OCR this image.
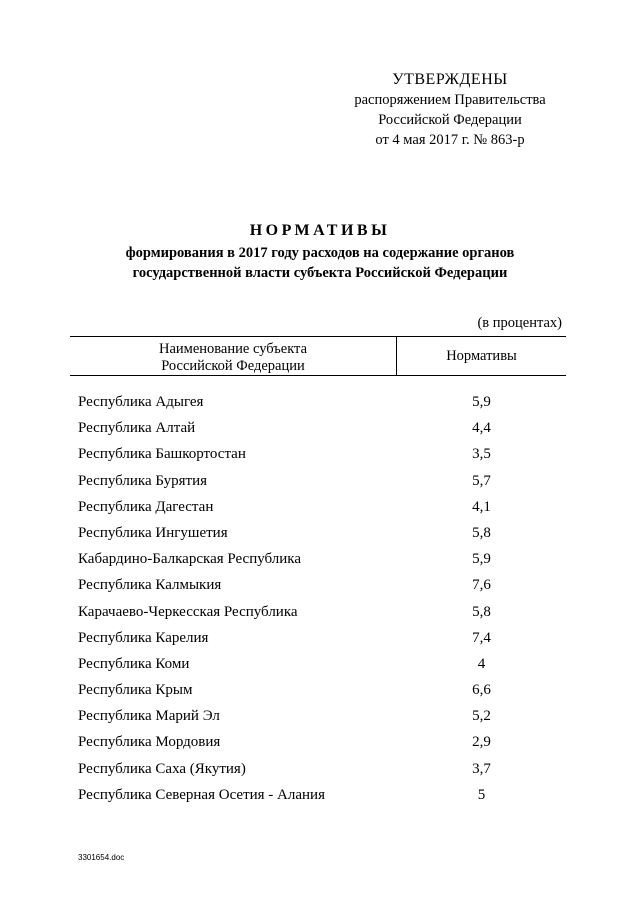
УТВЕРЖДЕНЫ
распоряжением Правительства
Российской Федерации
от 4 мая 2017 г. № 863-р
НОРМАТИВЫ
формирования в 2017 году расходов на содержание органов
государственной власти субъекта Российской Федерации
(в процентах)
Наименование субъекта
Российской Федерации
Нормативы
Республика Адыгея	5,9
Республика Алтай	4,4
Республика Башкортостан	3,5
Республика Бурятия	5,7
Республика Дагестан	4,1
Республика Ингушетия	5,8
Кабардино-Балкарская Республика	5,9
Республика Калмыкия	7,6
Карачаево-Черкесская Республика	5,8
Республика Карелия	7,4
Республика Коми	4
Республика Крым	6,6
Республика Марий Эл	5,2
Республика Мордовия	2,9
Республика Саха (Якутия)	3,7
Республика Северная Осетия - Алания	5
3301654.doc
